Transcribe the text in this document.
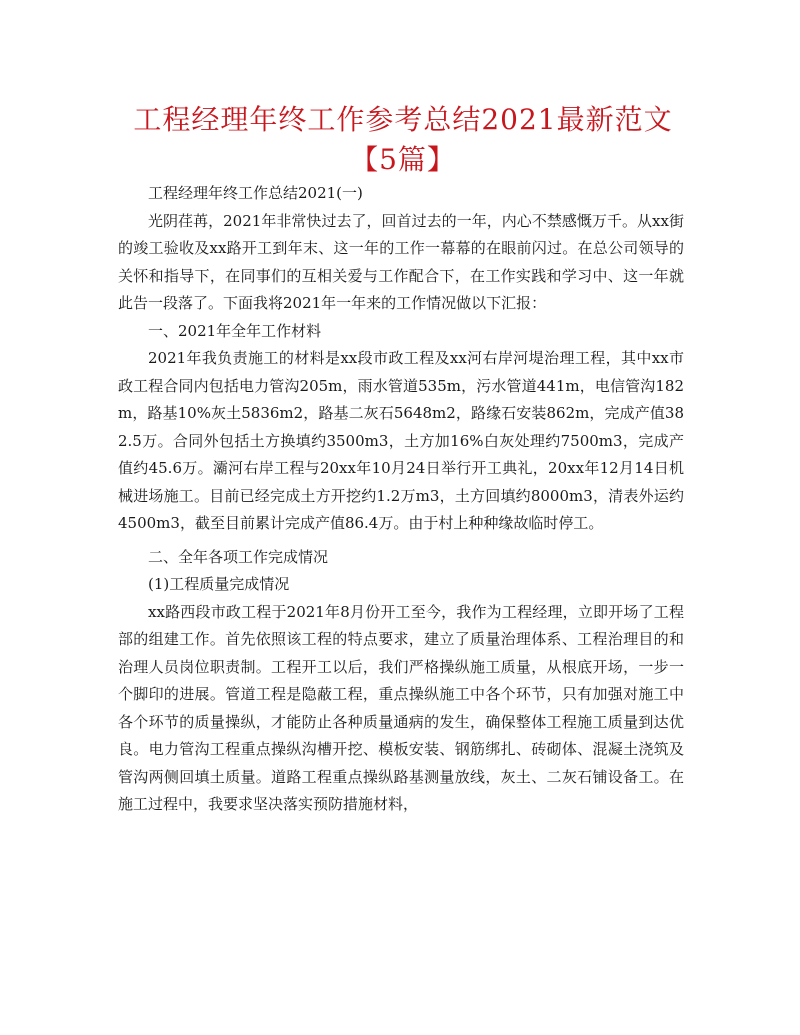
工程经理年终工作参考总结2021最新范文【5篇】

工程经理年终工作总结2021(一)

光阴荏苒，2021年非常快过去了，回首过去的一年，内心不禁感慨万千。从xx街的竣工验收及xx路开工到年末、这一年的工作一幕幕的在眼前闪过。在总公司领导的关怀和指导下，在同事们的互相关爱与工作配合下，在工作实践和学习中、这一年就此告一段落了。下面我将2021年一年来的工作情况做以下汇报：

一、2021年全年工作材料

2021年我负责施工的材料是xx段市政工程及xx河右岸河堤治理工程，其中xx市政工程合同内包括电力管沟205m，雨水管道535m，污水管道441m，电信管沟182m，路基10%灰土5836m2，路基二灰石5648m2，路缘石安装862m，完成产值382.5万。合同外包括土方换填约3500m3，土方加16%白灰处理约7500m3，完成产值约45.6万。灞河右岸工程与20xx年10月24日举行开工典礼，20xx年12月14日机械进场施工。目前已经完成土方开挖约1.2万m3，土方回填约8000m3，清表外运约4500m3，截至目前累计完成产值86.4万。由于村上种种缘故临时停工。

二、全年各项工作完成情况

(1)工程质量完成情况

xx路西段市政工程于2021年8月份开工至今，我作为工程经理，立即开场了工程部的组建工作。首先依照该工程的特点要求，建立了质量治理体系、工程治理目的和治理人员岗位职责制。工程开工以后，我们严格操纵施工质量，从根底开场，一步一个脚印的进展。管道工程是隐蔽工程，重点操纵施工中各个环节，只有加强对施工中各个环节的质量操纵，才能防止各种质量通病的发生，确保整体工程施工质量到达优良。电力管沟工程重点操纵沟槽开挖、模板安装、钢筋绑扎、砖砌体、混凝土浇筑及管沟两侧回填土质量。道路工程重点操纵路基测量放线，灰土、二灰石铺设备工。在施工过程中，我要求坚决落实预防措施材料，
